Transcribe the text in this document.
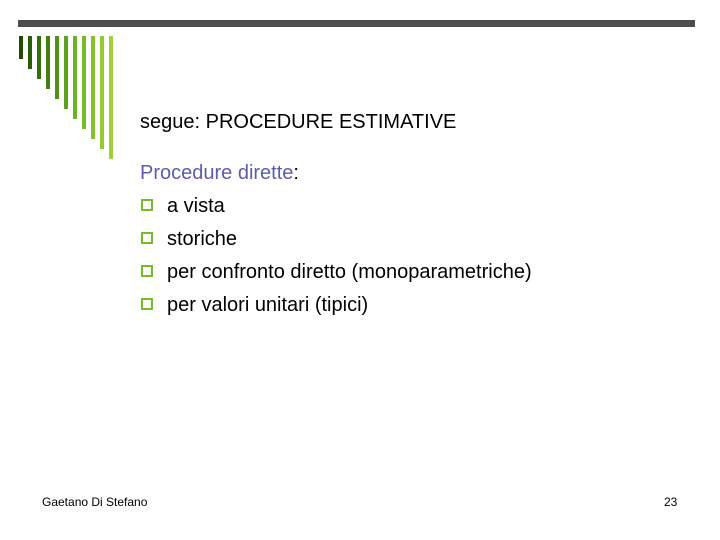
segue: PROCEDURE ESTIMATIVE

Procedure dirette:

a vista
storiche
per confronto diretto (monoparametriche)
per valori unitari (tipici)
Gaetano Di Stefano	23
